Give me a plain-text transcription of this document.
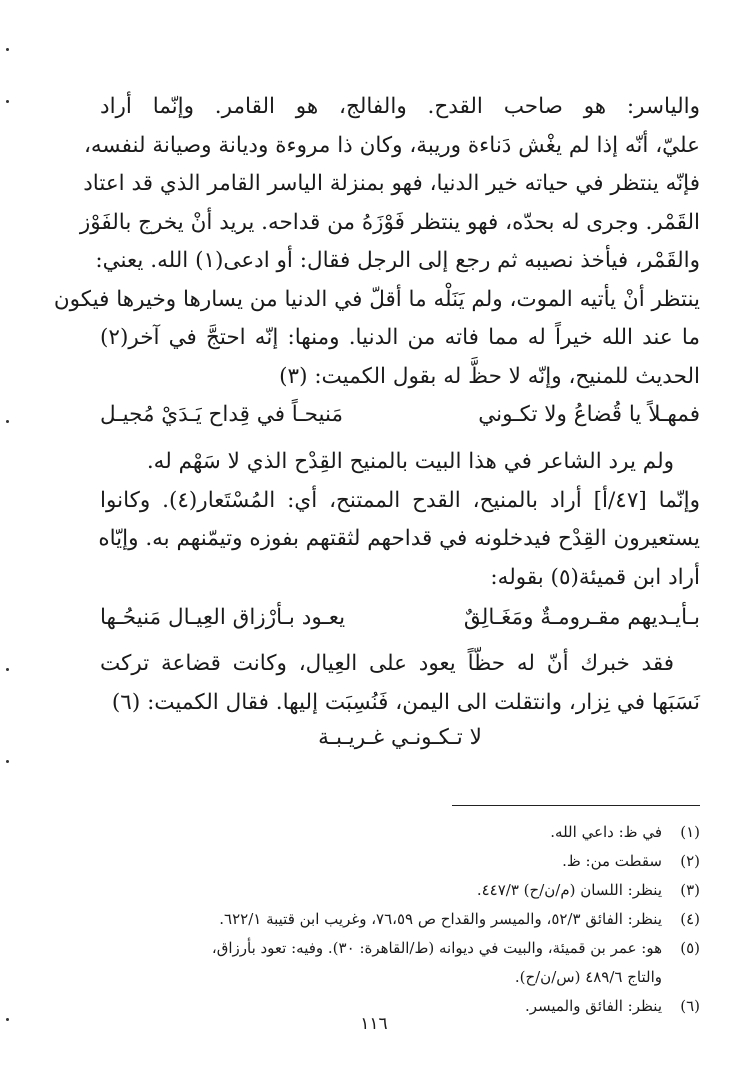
والياسر: هو صاحب القدح. والفالج، هو القامر. وإنّما أراد
عليّ، أنّه إذا لم يغْش دَناءة وريبة، وكان ذا مروءة وديانة وصيانة لنفسه،
فإنّه ينتظر في حياته خير الدنيا، فهو بمنزلة الياسر القامر الذي قد اعتاد
القَمْر. وجرى له بحدّه، فهو ينتظر فَوْزَهُ من قداحه. يريد أنْ يخرج بالفَوْز
والقَمْر، فيأخذ نصيبه ثم رجع إلى الرجل فقال: أو ادعى(١) الله. يعني:
ينتظر أنْ يأتيه الموت، ولم يَنَلْه ما أقلّ في الدنيا من يسارها وخيرها فيكون
ما عند الله خيراً له مما فاته من الدنيا. ومنها: إنّه احتجَّ في آخر(٢)
الحديث للمنيح، وإنّه لا حظَّ له بقول الكميت: (٣)
فمهـلاً يا قُضاعُ ولا تكـوني
مَنيحـاً في قِداح يَـدَيْ مُجيـل
ولم يرد الشاعر في هذا البيت بالمنيح القِدْح الذي لا سَهْم له.
وإنّما [٤٧/أ] أراد بالمنيح، القدح الممتنح، أي: المُسْتَعار(٤). وكانوا
يستعيرون القِدْح فيدخلونه في قداحهم لثقتهم بفوزه وتيمّنهم به. وإيّاه
أراد ابن قميئة(٥) بقوله:
بـأيـديهم مقـرومـةٌ ومَغَـالِقٌ
يعـود بـأرْزاق العِيـال مَنيحُـها
فقد خبرك أنّ له حظّاً يعود على العِيال، وكانت قضاعة تركت
نَسَبَها في نِزار، وانتقلت الى اليمن، فَنُسِبَت إليها. فقال الكميت: (٦)
لا تـكـونـي غـريـبـة
(١)
في ظ: داعي الله.
(٢)
سقطت من: ظ.
(٣)
ينظر: اللسان (م/ن/ح) ٤٤٧/٣.
(٤)
ينظر: الفائق ٥٢/٣، والميسر والقداح ص ٧٦،٥٩، وغريب ابن قتيبة ٦٢٢/١.
(٥)
هو: عمر بن قميئة، والبيت في ديوانه (ط/القاهرة: ٣٠). وفيه: تعود بأرزاق،
والتاج ٤٨٩/٦ (س/ن/ح).
(٦)
ينظر: الفائق والميسر.
١١٦
